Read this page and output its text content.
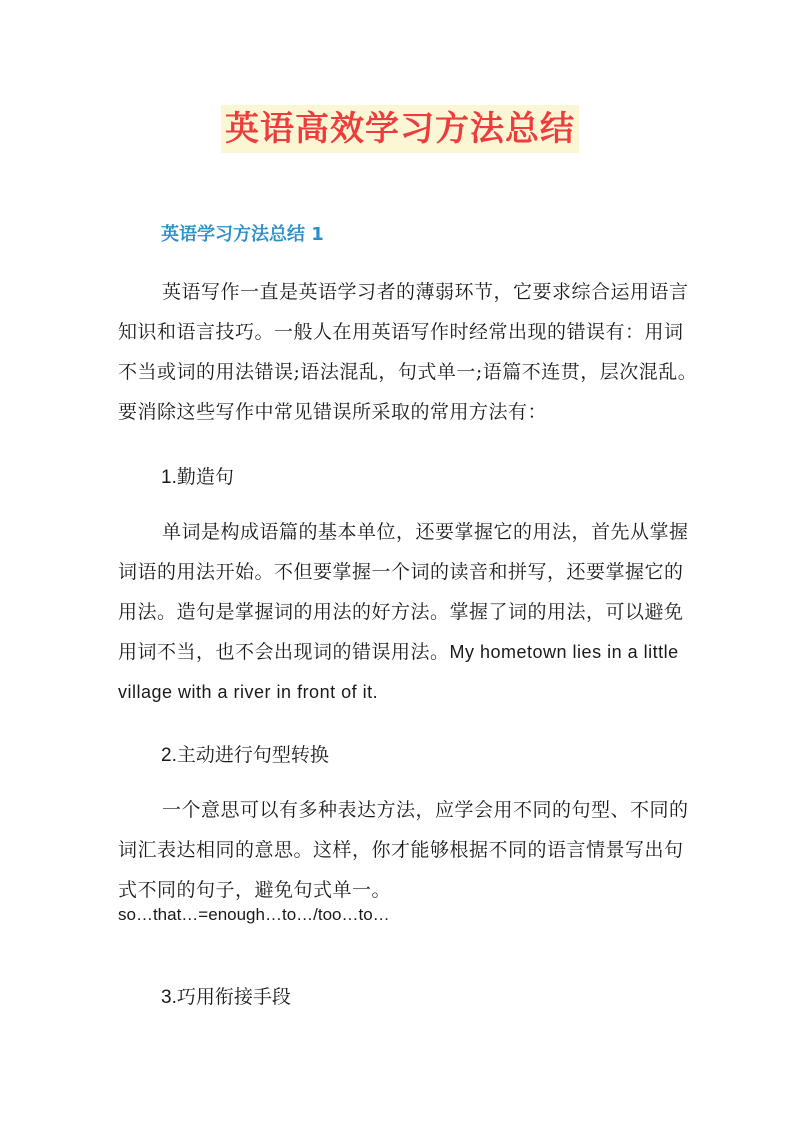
英语高效学习方法总结
英语学习方法总结 1

英语写作一直是英语学习者的薄弱环节，它要求综合运用语言知识和语言技巧。一般人在用英语写作时经常出现的错误有：用词不当或词的用法错误;语法混乱，句式单一;语篇不连贯，层次混乱。要消除这些写作中常见错误所采取的常用方法有：

1.勤造句

单词是构成语篇的基本单位，还要掌握它的用法，首先从掌握词语的用法开始。不但要掌握一个词的读音和拼写，还要掌握它的用法。造句是掌握词的用法的好方法。掌握了词的用法，可以避免用词不当，也不会出现词的错误用法。My hometown lies in a little village with a river in front of it.

2.主动进行句型转换

一个意思可以有多种表达方法，应学会用不同的句型、不同的词汇表达相同的意思。这样，你才能够根据不同的语言情景写出句式不同的句子，避免句式单一。

so…that…=enough…to…/too…to…

3.巧用衔接手段
